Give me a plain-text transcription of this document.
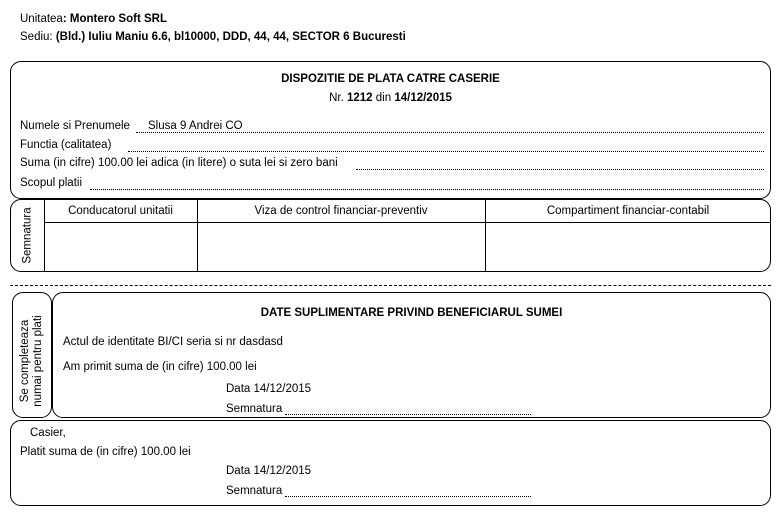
Unitatea: Montero Soft SRL
Sediu: (Bld.) Iuliu Maniu 6.6, bl10000, DDD, 44, 44, SECTOR 6 Bucuresti
DISPOZITIE DE PLATA CATRE CASERIE
Nr. 1212 din 14/12/2015
Numele si Prenumele Slusa 9 Andrei CO
Functia (calitatea)
Suma (in cifre) 100.00 lei adica (in litere) o suta lei si zero bani
Scopul platii
Semnatura	Conducatorul unitatii	Viza de control financiar-preventiv	Compartiment financiar-contabil
Se completeaza numai pentru plati
DATE SUPLIMENTARE PRIVIND BENEFICIARUL SUMEI
Actul de identitate BI/CI seria si nr dasdasd
Am primit suma de (in cifre) 100.00 lei
Data 14/12/2015
Semnatura
Casier,
Platit suma de (in cifre) 100.00 lei
Data 14/12/2015
Semnatura
